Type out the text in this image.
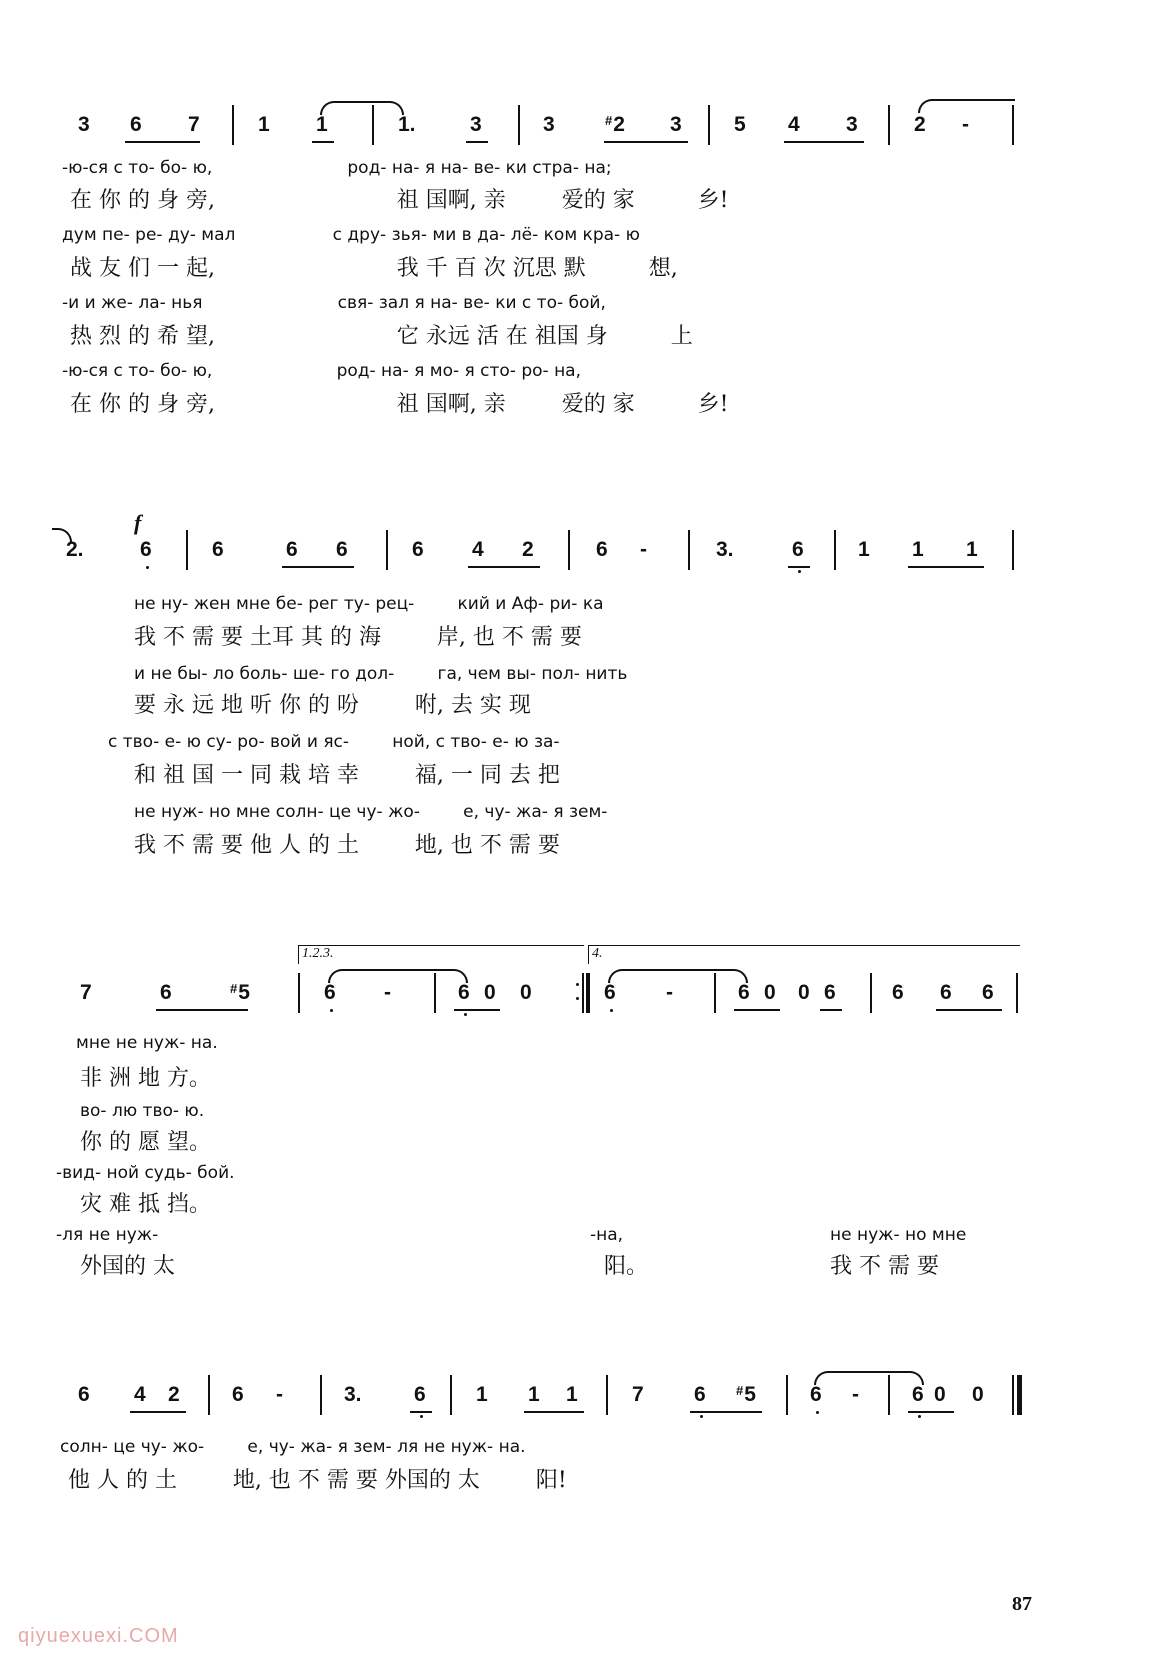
3 6 7	1 1	1.	3	3	#2 3 5 4 3	2 -
-ю-ся с то- бо- ю,                         род- на- я на- ве- ки стра- на;
在 你 的 身 旁,                          祖 国啊, 亲        爱的 家         乡!
дум пе- ре- ду- мал                  с дру- зья- ми в да- лё- ком кра- ю
战 友 们 一 起,                          我 千 百 次 沉思 默         想,
-и и же- ла- нья                         свя- зал я на- ве- ки с то- бой,
热 烈 的 希 望,                          它 永远 活 在 祖国 身         上
-ю-ся с то- бо- ю,                       род- на- я мо- я сто- ро- на,
在 你 的 身 旁,                          祖 国啊, 亲        爱的 家         乡!
f
2.	6	6	6 6	6 4 2	6 -	3.	6	1 1 1
не ну- жен мне бе- рег ту- рец-        кий и Аф- ри- ка
我 不 需 要 土耳 其 的 海        岸, 也 不 需 要
и не бы- ло боль- ше- го дол-        га, чем вы- пол- нить
要 永 远 地 听 你 的 吩        咐, 去 实 现
с тво- е- ю су- ро- вой и яс-        ной, с тво- е- ю за-
和 祖 国 一 同 栽 培 幸        福, 一 同 去 把
не нуж- но мне солн- це чу- жо-        е, чу- жа- я зем-
我 不 需 要 他 人 的 土        地, 也 不 需 要
1.2.3.	4.
7	6	#5	6 -	6 0 0	6 -	6 0 0 6	6 6 6
мне не нуж- на.
非 洲 地 方。
во- лю тво- ю.
你 的 愿 望。
-вид- ной судь- бой.
灾 难 抵 挡。
-ля не нуж-
外国的 太
-на,	не нуж- но мне
阳。	我 不 需 要
6 4 2 6 -	3. 6 1 1 1	7 6 #5	6 -	6 0 0
солн- це чу- жо-        е, чу- жа- я зем- ля не нуж- на.
他 人 的 土        地, 也 不 需 要 外国的 太        阳!
87
qiyuexuexi.COM
